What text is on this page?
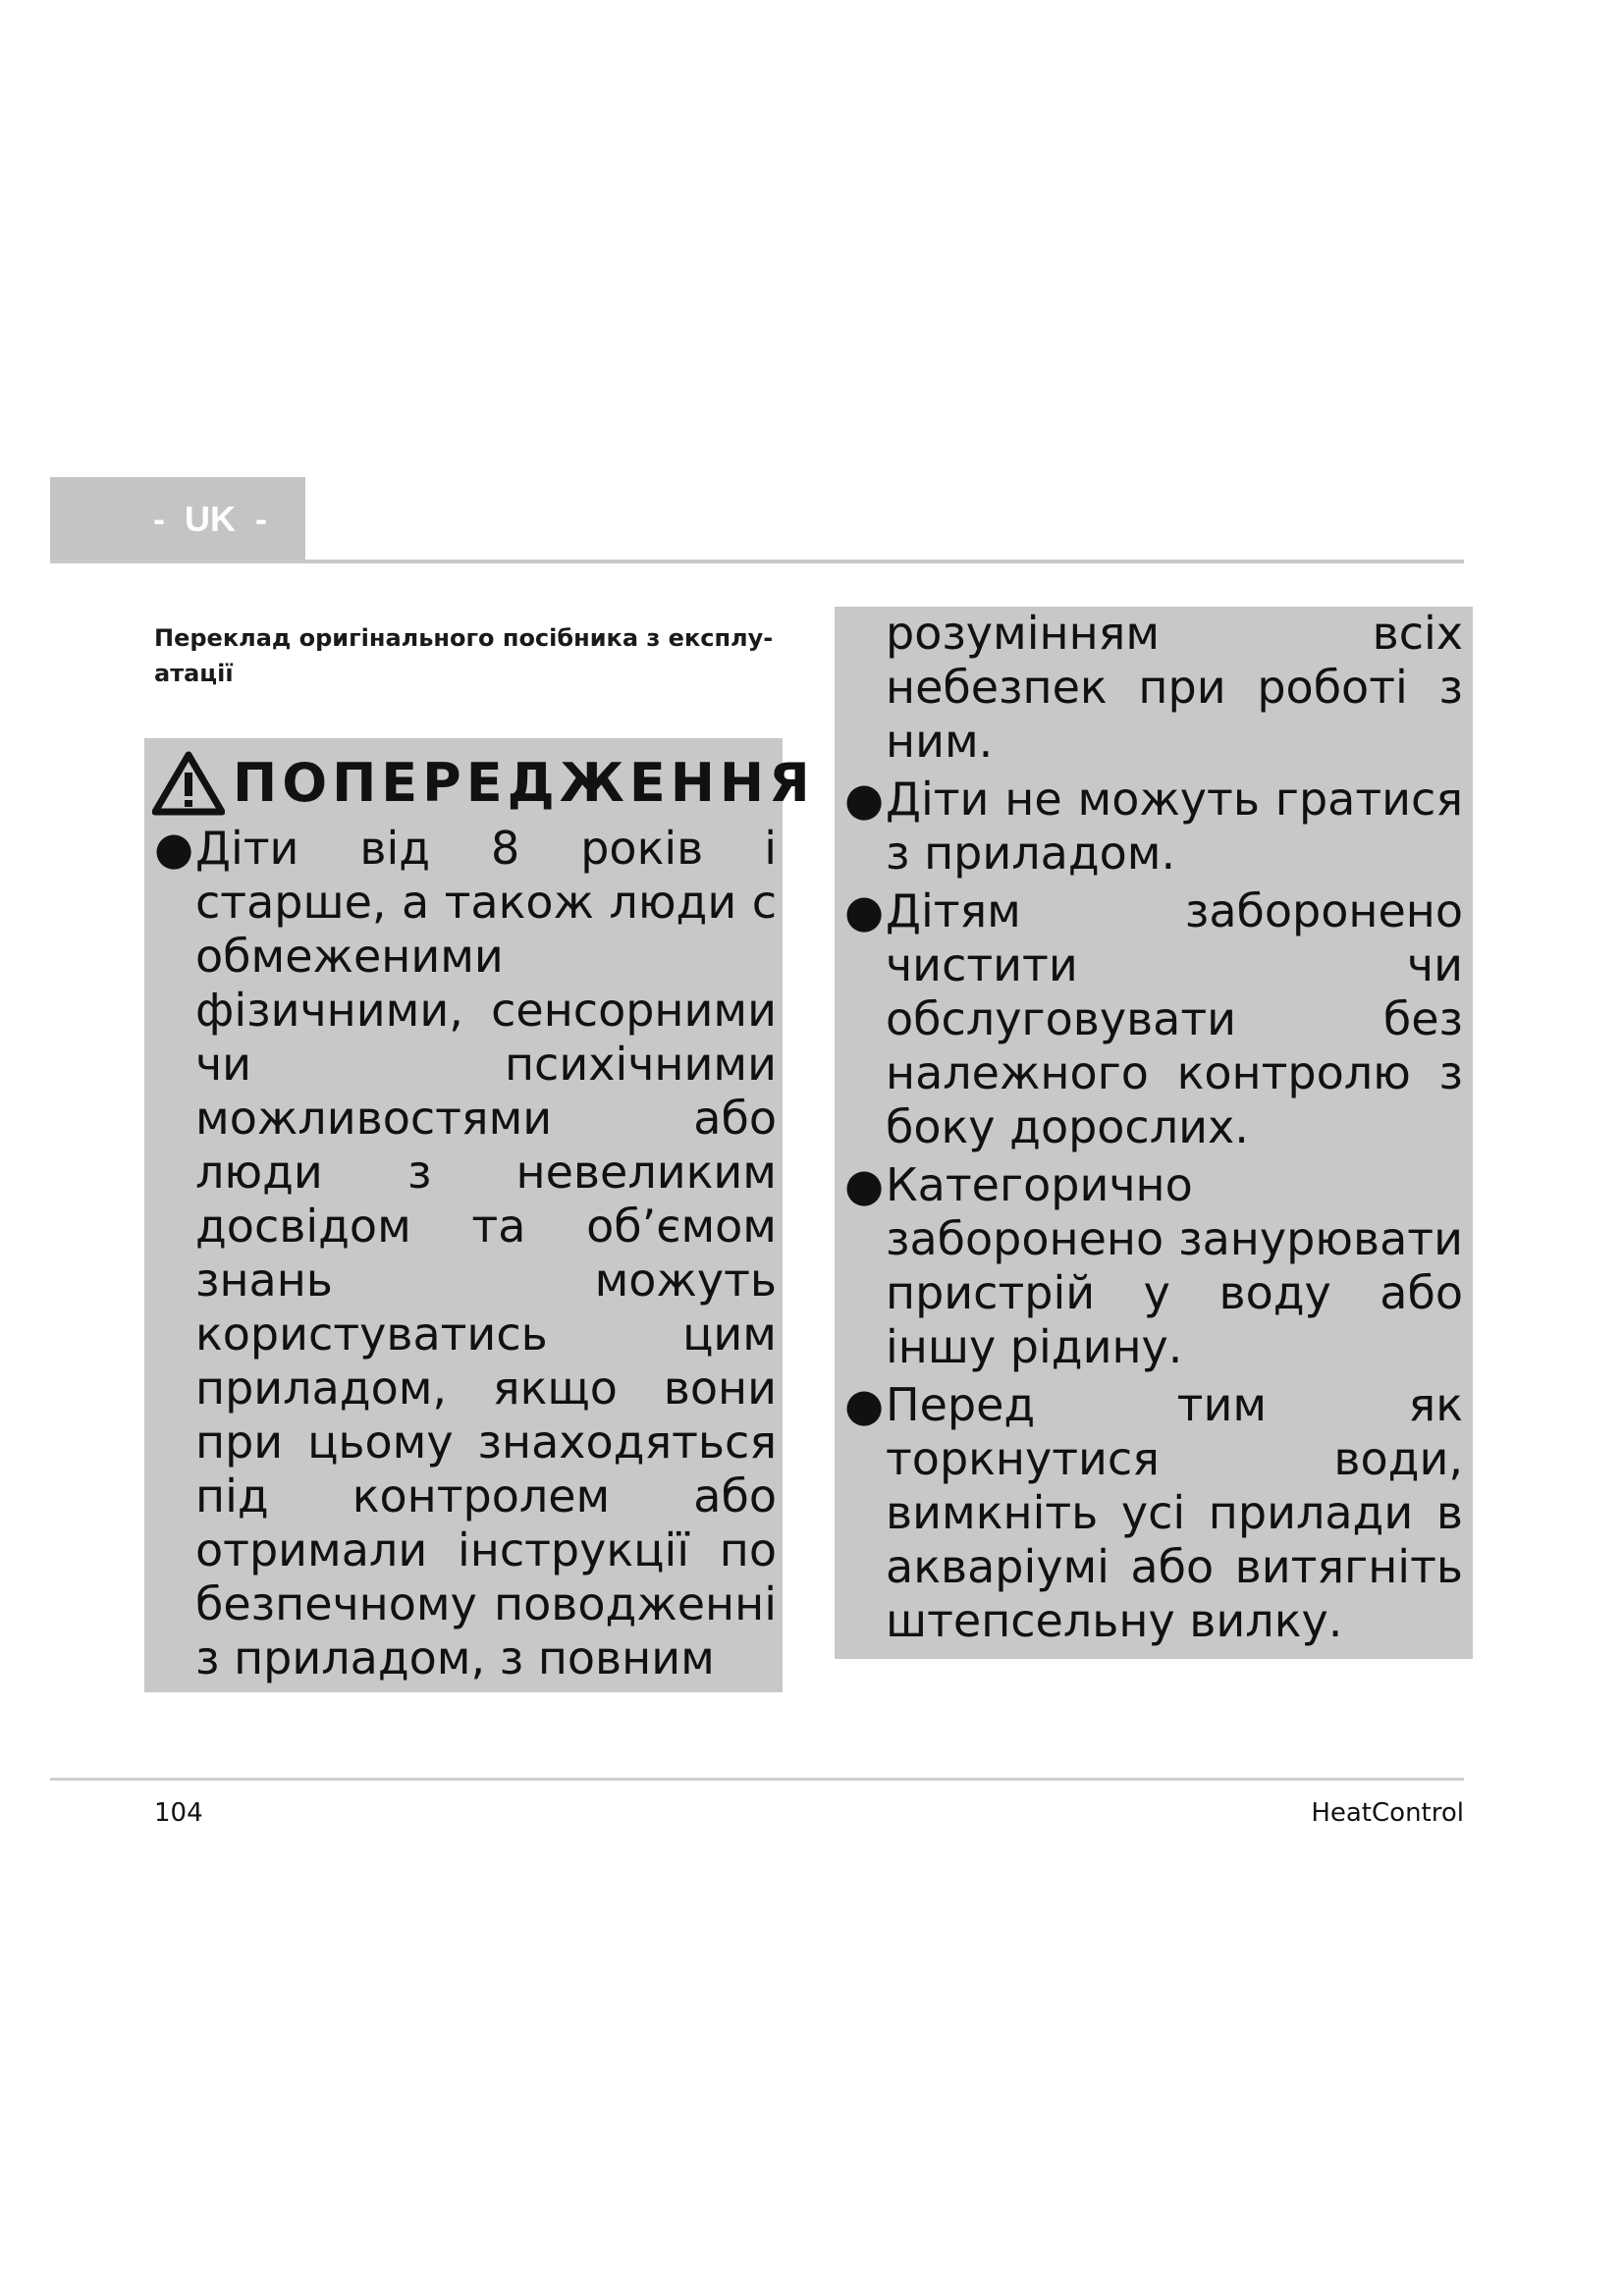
-  UK  -
Переклад оригінального посібника з експлу-атації
ПОПЕРЕДЖЕННЯ
● Діти від 8 років і старше, а також люди с обмеженими фізичними, сенсорними чи психічними можливостями або люди з невеликим досвідом та об’ємом знань можуть користуватись цим приладом, якщо вони при цьому знаходяться під контролем або отримали інструкції по безпечному поводженні з приладом, з повним
розумінням всіх небезпек при роботі з ним.
● Діти не можуть гратися з приладом.
● Дітям заборонено чистити чи обслуговувати без належного контролю з боку дорослих.
● Категорично заборонено занурювати пристрій у воду або іншу рідину.
● Перед тим як торкнутися води, вимкніть усі прилади в акваріумі або витягніть штепсельну вилку.
104	HeatControl
